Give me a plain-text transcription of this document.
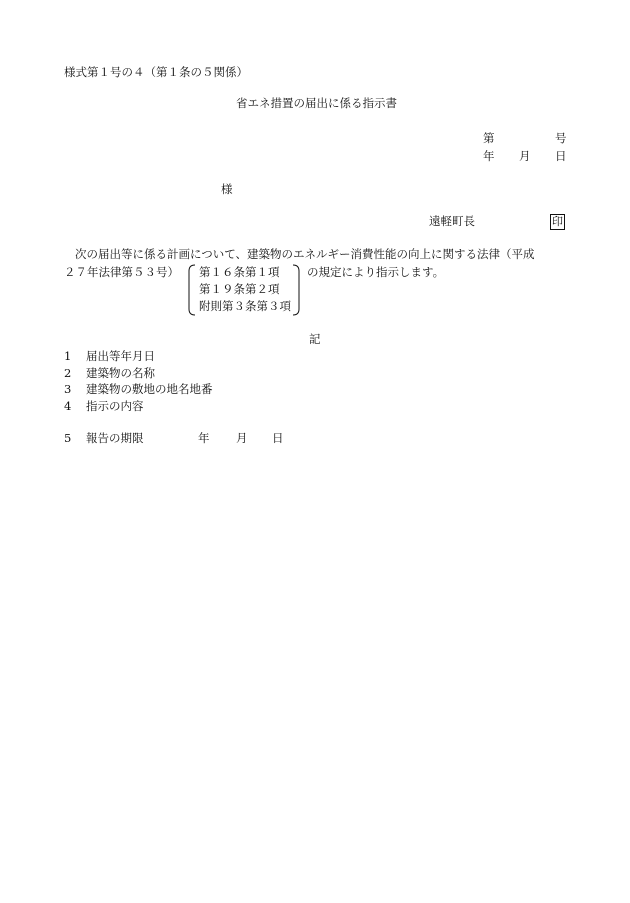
様式第１号の４（第１条の５関係）
省エネ措置の届出に係る指示書
第	号
年 月 日
様
遠軽町長	印
次の届出等に係る計画について、建築物のエネルギー消費性能の向上に関する法律（平成
２７年法律第５３号） 第１６条第１項
第１９条第２項
附則第３条第３項
の規定により指示します。
記
1 届出等年月日
2 建築物の名称
3 建築物の敷地の地名地番
4 指示の内容
5 報告の期限	年 月 日
